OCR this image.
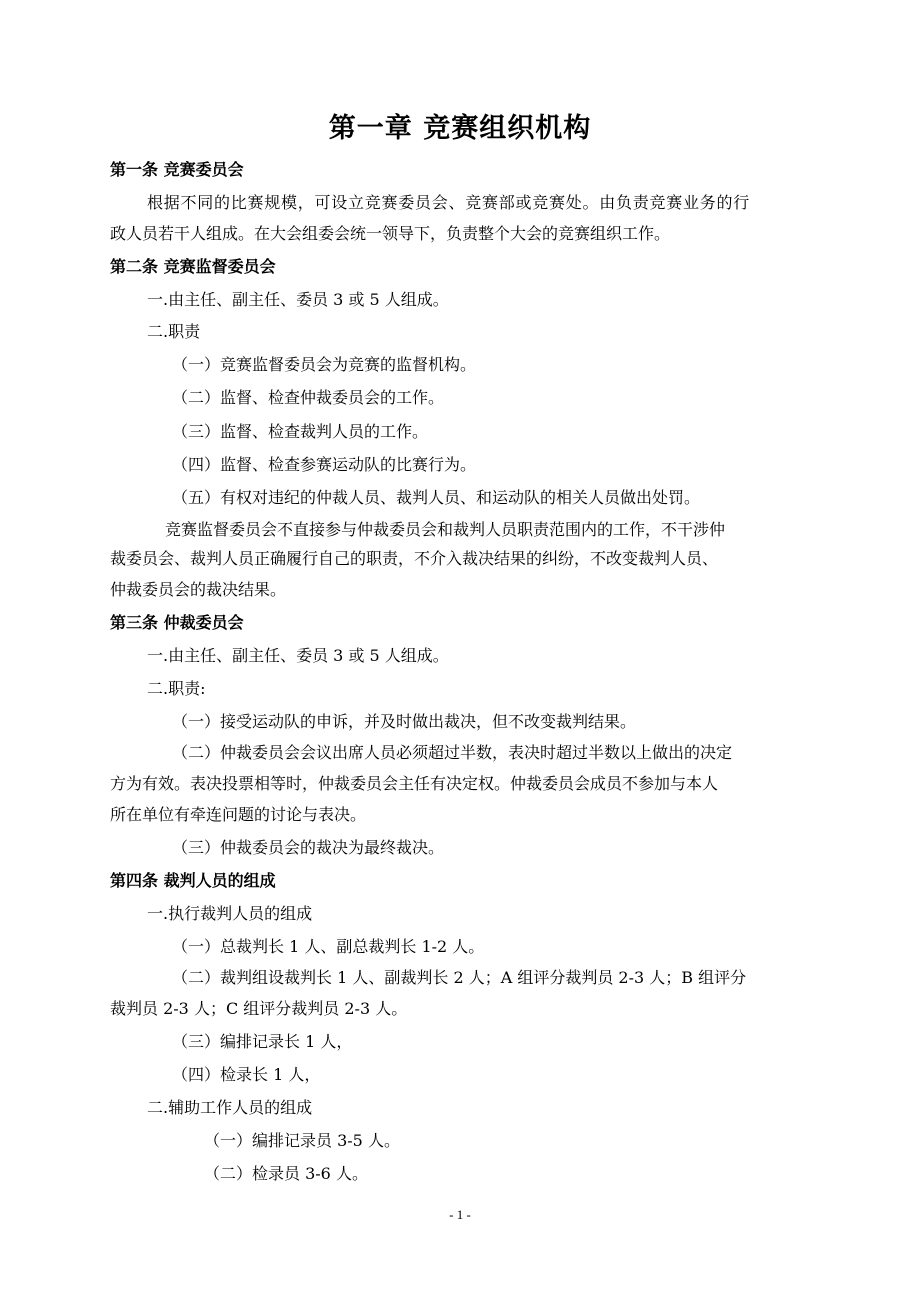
第一章 竞赛组织机构
第一条 竞赛委员会
根据不同的比赛规模，可设立竞赛委员会、竞赛部或竞赛处。由负责竞赛业务的行
政人员若干人组成。在大会组委会统一领导下，负责整个大会的竞赛组织工作。
第二条 竞赛监督委员会
一.由主任、副主任、委员 3 或 5 人组成。
二.职责
（一）竞赛监督委员会为竞赛的监督机构。
（二）监督、检查仲裁委员会的工作。
（三）监督、检查裁判人员的工作。
（四）监督、检查参赛运动队的比赛行为。
（五）有权对违纪的仲裁人员、裁判人员、和运动队的相关人员做出处罚。
竞赛监督委员会不直接参与仲裁委员会和裁判人员职责范围内的工作，不干涉仲
裁委员会、裁判人员正确履行自己的职责，不介入裁决结果的纠纷，不改变裁判人员、
仲裁委员会的裁决结果。
第三条 仲裁委员会
一.由主任、副主任、委员 3 或 5 人组成。
二.职责:
（一）接受运动队的申诉，并及时做出裁决，但不改变裁判结果。
（二）仲裁委员会会议出席人员必须超过半数，表决时超过半数以上做出的决定
方为有效。表决投票相等时，仲裁委员会主任有决定权。仲裁委员会成员不参加与本人
所在单位有牵连问题的讨论与表决。
（三）仲裁委员会的裁决为最终裁决。
第四条 裁判人员的组成
一.执行裁判人员的组成
（一）总裁判长 1 人、副总裁判长 1-2 人。
（二）裁判组设裁判长 1 人、副裁判长 2 人；A 组评分裁判员 2-3 人；B 组评分
裁判员 2-3 人；C 组评分裁判员 2-3 人。
（三）编排记录长 1 人，
（四）检录长 1 人，
二.辅助工作人员的组成
（一）编排记录员 3-5 人。
（二）检录员 3-6 人。
- 1 -
